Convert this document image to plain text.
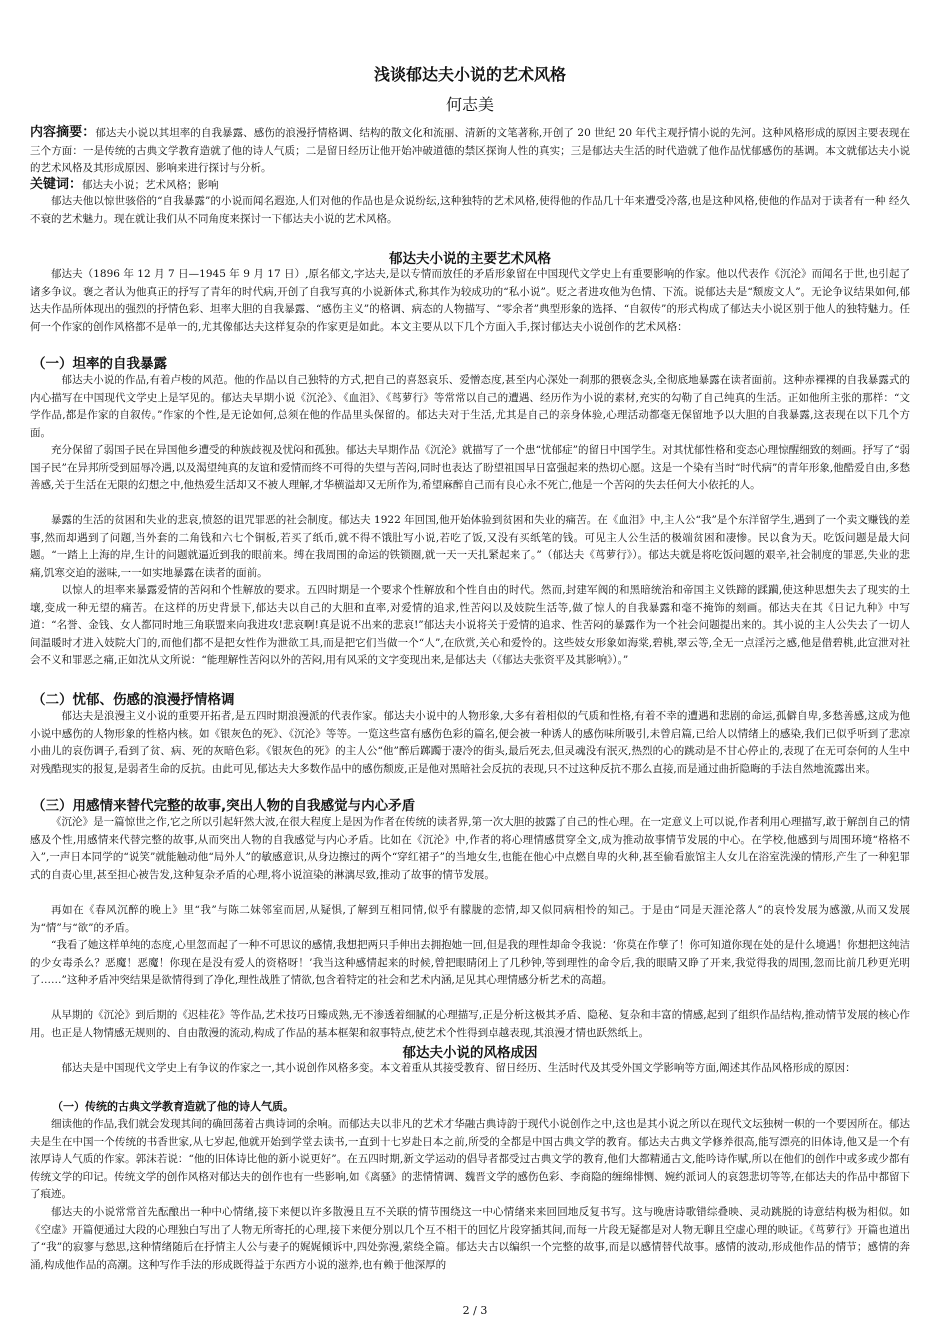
浅谈郁达夫小说的艺术风格
何志美

内容摘要：郁达夫小说以其坦率的自我暴露、感伤的浪漫抒情格调、结构的散文化和流丽、清新的文笔著称,开创了 20 世纪 20 年代主观抒情小说的先河。这种风格形成的原因主要表现在三个方面：一是传统的古典文学教育造就了他的诗人气质；二是留日经历让他开始冲破道德的禁区探询人性的真实；三是郁达夫生活的时代造就了他作品忧郁感伤的基调。本文就郁达夫小说的艺术风格及其形成原因、影响来进行探讨与分析。

关键词：郁达夫小说；艺术风格；影响

郁达夫他以惊世骇俗的“自我暴露”的小说而闻名遐迩,人们对他的作品也是众说纷纭,这种独特的艺术风格,使得他的作品几十年来遭受冷落,也是这种风格,使他的作品对于读者有一种 经久不衰的艺术魅力。现在就让我们从不同角度来探讨一下郁达夫小说的艺术风格。

郁达夫小说的主要艺术风格

郁达夫（1896 年 12 月 7 日—1945 年 9 月 17 日）,原名郁文,字达夫,是以专情而放任的矛盾形象留在中国现代文学史上有重要影响的作家。他以代表作《沉沦》而闻名于世,也引起了诸多争议。褒之者认为他真正的抒写了青年的时代病,开创了自我写真的小说新体式,称其作为较成功的“私小说”。贬之者进攻他为色情、下流。说郁达夫是“颓废文人”。无论争议结果如何,郁达夫作品所体现出的强烈的抒情色彩、坦率大胆的自我暴露、“感伤主义”的格调、病态的人物描写、“零余者”典型形象的选择、“自叙传”的形式构成了郁达夫小说区别于他人的独特魅力。任何一个作家的创作风格都不是单一的,尤其像郁达夫这样复杂的作家更是如此。本文主要从以下几个方面入手,探讨郁达夫小说创作的艺术风格：

（一）坦率的自我暴露

郁达夫小说的作品,有着卢梭的风范。他的作品以自己独特的方式,把自己的喜怒哀乐、爱憎态度,甚至内心深处一刹那的猥亵念头,全彻底地暴露在读者面前。这种赤裸裸的自我暴露式的内心描写在中国现代文学史上是罕见的。郁达夫早期小说《沉沦》、《血泪》、《茑萝行》等常常以自己的遭遇、经历作为小说的素材,充实的勾勒了自己纯真的生活。正如他所主张的那样：“文学作品,都是作家的自叙传。”作家的个性,是无论如何,总须在他的作品里头保留的。郁达夫对于生活,尤其是自己的亲身体验,心理活动都毫无保留地予以大胆的自我暴露,这表现在以下几个方面。

充分保留了弱国子民在异国他乡遭受的种族歧视及忧闷和孤独。郁达夫早期作品《沉沦》就描写了一个患“忧郁症”的留日中国学生。对其忧郁性格和变态心理惊醒细致的刻画。抒写了“弱国子民”在异邦所受到屈辱冷遇,以及渴望纯真的友谊和爱情而终不可得的失望与苦闷,同时也表达了盼望祖国早日富强起来的热切心愿。这是一个染有当时“时代病”的青年形象,他酷爱自由,多愁善感,关于生活在无限的幻想之中,他热爱生活却又不被人理解,才华横溢却又无所作为,希望麻醉自己而有良心永不死亡,他是一个苦闷的失去任何大小依托的人。

暴露的生活的贫困和失业的悲哀,愤怒的诅咒罪恶的社会制度。郁达夫 1922 年回国,他开始体验到贫困和失业的痛苦。在《血泪》中,主人公“我”是个东洋留学生,遇到了一个卖文赚钱的差事,然而却遇到了问题,当外套的二角钱和六七个铜板,若买了纸币,就不得不饿肚写小说,若吃了饭,又没有买纸笔的钱。可见主人公生活的极端贫困和凄惨。民以食为天。吃饭问题是最大问题。“一踏上上海的岸,生计的问题就逼近到我的眼前来。缚在我周围的命运的铁锁圈,就一天一天扎紧起来了。”（郁达夫《茑萝行》）。郁达夫就是将吃饭问题的艰辛,社会制度的罪恶,失业的悲痛,饥寒交迫的滋味,一一如实地暴露在读者的面前。

以惊人的坦率来暴露爱情的苦闷和个性解放的要求。五四时期是一个要求个性解放和个性自由的时代。然而,封建军阀的和黑暗统治和帝国主义铁蹄的蹂躏,使这种思想失去了现实的土壤,变成一种无望的痛苦。在这样的历史背景下,郁达夫以自己的大胆和直率,对爱情的追求,性苦闷以及妓院生活等,做了惊人的自我暴露和毫不掩饰的刻画。郁达夫在其《日记九种》中写道：“名誉、金钱、女人都同时地三角联盟来向我进攻!悲哀啊!真是说不出来的悲哀!”郁达夫小说将关于爱情的追求、性苦闷的暴露作为一个社会问题提出来的。其小说的主人公失去了一切人间温暖时才进入妓院大门的,而他们都不是把女性作为泄欲工具,而是把它们当做一个“人”,在欣赏,关心和爱怜的。这些妓女形象如海棠,碧桃,翠云等,全无一点淫污之感,他是借碧桃,此宣泄对社会不义和罪恶之痛,正如沈从文所说：“能理解性苦闷以外的苦闷,用有风采的文字变现出来,是郁达夫（《郁达夫张资平及其影响》）。”

（二）忧郁、伤感的浪漫抒情格调

郁达夫是浪漫主义小说的重要开拓者,是五四时期浪漫派的代表作家。郁达夫小说中的人物形象,大多有着相似的气质和性格,有着不幸的遭遇和悲剧的命运,孤僻自卑,多愁善感,这成为他小说中感伤的人物形象的性格内核。如《银灰色的死》、《沉沦》等等。一览这些富有感伤色彩的篇名,便会被一种诱人的感伤味所吸引,未曾启篇,已给人以情绪上的感染,我们已似乎听到了悲凉小曲儿的哀伤调子,看到了贫、病、死的灰暗色彩。《银灰色的死》的主人公“他”醉后踯躅于凄冷的街头,最后死去,但灵魂没有泯灭,热烈的心的跳动是不甘心停止的,表现了在无可奈何的人生中对残酷现实的报复,是弱者生命的反抗。由此可见,郁达夫大多数作品中的感伤颓废,正是他对黑暗社会反抗的表现,只不过这种反抗不那么直接,而是通过曲折隐晦的手法自然地流露出来。

（三）用感情来替代完整的故事,突出人物的自我感觉与内心矛盾

《沉沦》是一篇惊世之作,它之所以引起轩然大波,在很大程度上是因为作者在传统的读者界,第一次大胆的披露了自己的性心理。在一定意义上可以说,作者利用心理描写,敢于解剖自己的情感及个性,用感情来代替完整的故事,从而突出人物的自我感觉与内心矛盾。比如在《沉沦》中,作者的将心理情感贯穿全文,成为推动故事情节发展的中心。在学校,他感到与周围环境“格格不入”,一声日本同学的“说笑”就能触动他“局外人”的敏感意识,从身边擦过的两个“穿红裙子”的当地女生,也能在他心中点燃自卑的火种,甚至偷看旅馆主人女儿在浴室洗澡的情形,产生了一种犯罪式的自责心里,甚至担心被告发,这种复杂矛盾的心理,将小说渲染的淋漓尽致,推动了故事的情节发展。

再如在《春风沉醉的晚上》里“我”与陈二妹邻室而居,从疑惧,了解到互相同情,似乎有朦胧的恋情,却又似同病相怜的知己。于是由“同是天涯沦落人”的哀怜发展为感激,从而又发展为“情”与“欲”的矛盾。

“我看了她这样单纯的态度,心里忽而起了一种不可思议的感情,我想把两只手伸出去拥抱她一回,但是我的理性却命令我说：‘你莫在作孽了！你可知道你现在处的是什么境遇！你想把这纯洁的少女毒杀么？恶魔！恶魔！你现在是没有爱人的资格呀！’我当这种感情起来的时候,曾把眼睛闭上了几秒钟,等到理性的命令后,我的眼睛又睁了开来,我觉得我的周围,忽而比前几秒更光明了……”这种矛盾冲突结果是欲情得到了净化,理性战胜了情欲,包含着特定的社会和艺术内涵,足见其心理情感分析艺术的高超。

从早期的《沉沦》到后期的《迟桂花》等作品,艺术技巧日臻成熟,无不渗透着细腻的心理描写,正是分析这极其矛盾、隐秘、复杂和丰富的情感,起到了组织作品结构,推动情节发展的核心作用。也正是人物情感无规则的、自由散漫的流动,构成了作品的基本框架和叙事特点,使艺术个性得到卓越表现,其浪漫才情也跃然纸上。

郁达夫小说的风格成因

郁达夫是中国现代文学史上有争议的作家之一,其小说创作风格多变。本文着重从其接受教育、留日经历、生活时代及其受外国文学影响等方面,阐述其作品风格形成的原因：

（一）传统的古典文学教育造就了他的诗人气质。

细读他的作品,我们就会发现其间的确回荡着古典诗词的余响。而郁达夫以非凡的艺术才华融古典诗韵于现代小说创作之中,这也是其小说之所以在现代文坛独树一帜的一个要因所在。郁达夫是生在中国一个传统的书香世家,从七岁起,他就开始到学堂去读书,一直到十七岁赴日本之前,所受的全都是中国古典文学的教育。郁达夫古典文学修养很高,能写漂亮的旧体诗,他又是一个有浓厚诗人气质的作家。郭沫若说：“他的旧体诗比他的新小说更好”。在五四时期,新文学运动的倡导者都受过古典文学的教育,他们大都精通古文,能吟诗作赋,所以在他们的创作中或多或少都有传统文学的印记。传统文学的创作风格对郁达夫的创作也有一些影响,如《离骚》的悲情情调、魏晋文学的感伤色彩、李商隐的缠绵悱恻、婉约派词人的哀怨悲切等等,在郁达夫的作品中都留下了痕迹。

郁达夫的小说常常首先酝酿出一种中心情绪,接下来便以许多散漫且互不关联的情节围绕这一中心情绪来来回回地反复书写。这与晚唐诗歌错综叠映、灵动跳脱的诗意结构极为相似。如《空虚》开篇便通过大段的心理独白写出了人物无所寄托的心理,接下来便分别以几个互不相干的回忆片段穿插其间,而每一片段无疑都是对人物无聊且空虚心理的映证。《茑萝行》开篇也道出了“我”的寂寥与愁思,这种情绪随后在抒情主人公与妻子的娓娓倾诉中,四处弥漫,萦绕全篇。郁达夫古以编织一个完整的故事,而是以感情替代故事。感情的波动,形成他作品的情节；感情的奔涌,构成他作品的高潮。这种写作手法的形成既得益于东西方小说的滋养,也有赖于他深厚的

2 / 3
